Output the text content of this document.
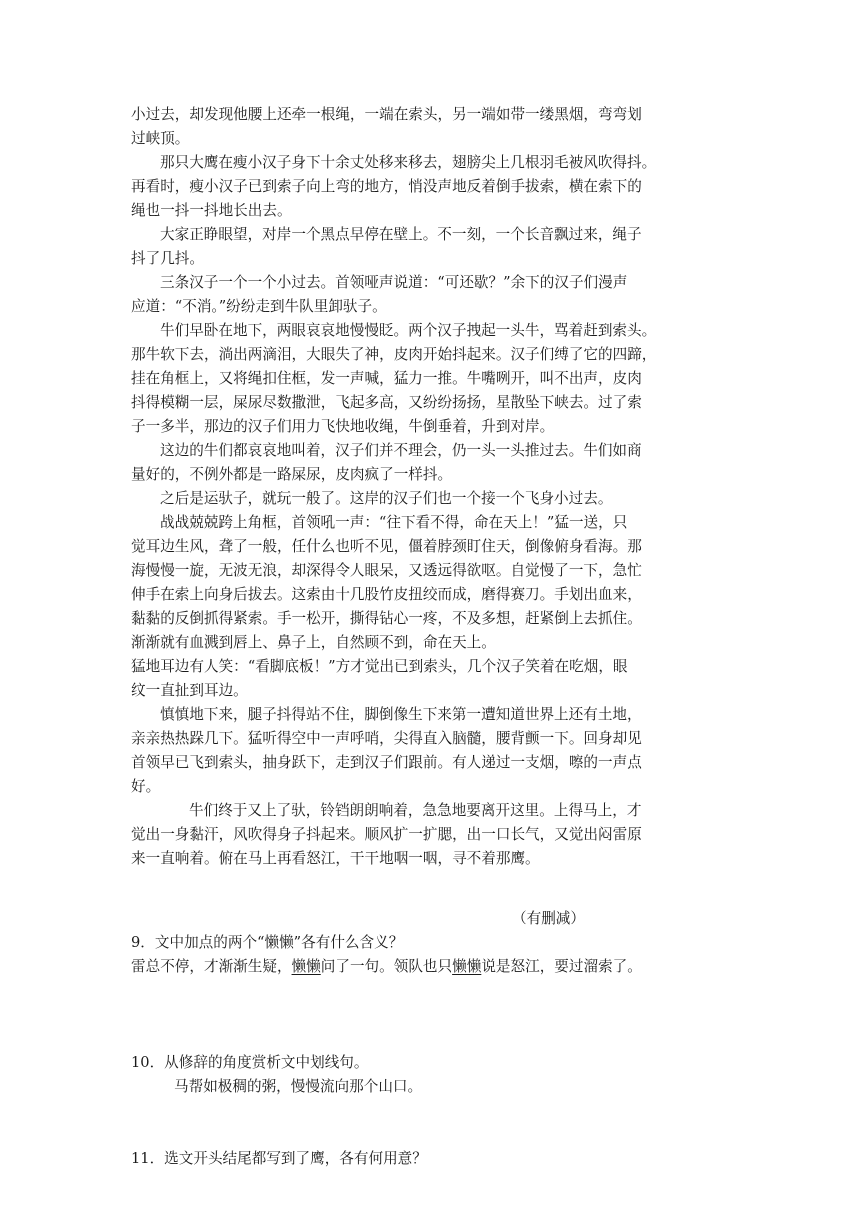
小过去，却发现他腰上还牵一根绳，一端在索头，另一端如带一缕黑烟，弯弯划
过峡顶。
那只大鹰在瘦小汉子身下十余丈处移来移去，翅膀尖上几根羽毛被风吹得抖。
再看时，瘦小汉子已到索子向上弯的地方，悄没声地反着倒手拔索，横在索下的
绳也一抖一抖地长出去。
大家正睁眼望，对岸一个黑点早停在壁上。不一刻，一个长音飘过来，绳子
抖了几抖。
三条汉子一个一个小过去。首领哑声说道：“可还歇？”余下的汉子们漫声
应道：“不消。”纷纷走到牛队里卸驮子。
牛们早卧在地下，两眼哀哀地慢慢眨。两个汉子拽起一头牛，骂着赶到索头。
那牛软下去，淌出两滴泪，大眼失了神，皮肉开始抖起来。汉子们缚了它的四蹄，
挂在角框上，又将绳扣住框，发一声喊，猛力一推。牛嘴咧开，叫不出声，皮肉
抖得模糊一层，屎尿尽数撒泄，飞起多高，又纷纷扬扬，星散坠下峡去。过了索
子一多半，那边的汉子们用力飞快地收绳，牛倒垂着，升到对岸。
这边的牛们都哀哀地叫着，汉子们并不理会，仍一头一头推过去。牛们如商
量好的，不例外都是一路屎尿，皮肉疯了一样抖。
之后是运驮子，就玩一般了。这岸的汉子们也一个接一个飞身小过去。
战战兢兢跨上角框，首领吼一声：“往下看不得，命在天上！”猛一送，只
觉耳边生风，聋了一般，任什么也听不见，僵着脖颈盯住天，倒像俯身看海。那
海慢慢一旋，无波无浪，却深得令人眼呆，又透远得欲呕。自觉慢了一下，急忙
伸手在索上向身后拔去。这索由十几股竹皮扭绞而成，磨得赛刀。手划出血来，
黏黏的反倒抓得紧索。手一松开，撕得钻心一疼，不及多想，赶紧倒上去抓住。
渐渐就有血溅到唇上、鼻子上，自然顾不到，命在天上。
猛地耳边有人笑：“看脚底板！”方才觉出已到索头，几个汉子笑着在吃烟，眼
纹一直扯到耳边。
慎慎地下来，腿子抖得站不住，脚倒像生下来第一遭知道世界上还有土地，
亲亲热热跺几下。猛听得空中一声呼哨，尖得直入脑髓，腰背颤一下。回身却见
首领早已飞到索头，抽身跃下，走到汉子们跟前。有人递过一支烟，嚓的一声点
好。
牛们终于又上了驮，铃铛朗朗响着，急急地要离开这里。上得马上，才
觉出一身黏汗，风吹得身子抖起来。顺风扩一扩腮，出一口长气，又觉出闷雷原
来一直响着。俯在马上再看怒江，干干地咽一咽，寻不着那鹰。
（有删减）
9．文中加点的两个“懒懒”各有什么含义？
雷总不停，才渐渐生疑，懒懒问了一句。领队也只懒懒说是怒江，要过溜索了。
10．从修辞的角度赏析文中划线句。
马帮如极稠的粥，慢慢流向那个山口。
11．选文开头结尾都写到了鹰，各有何用意？
